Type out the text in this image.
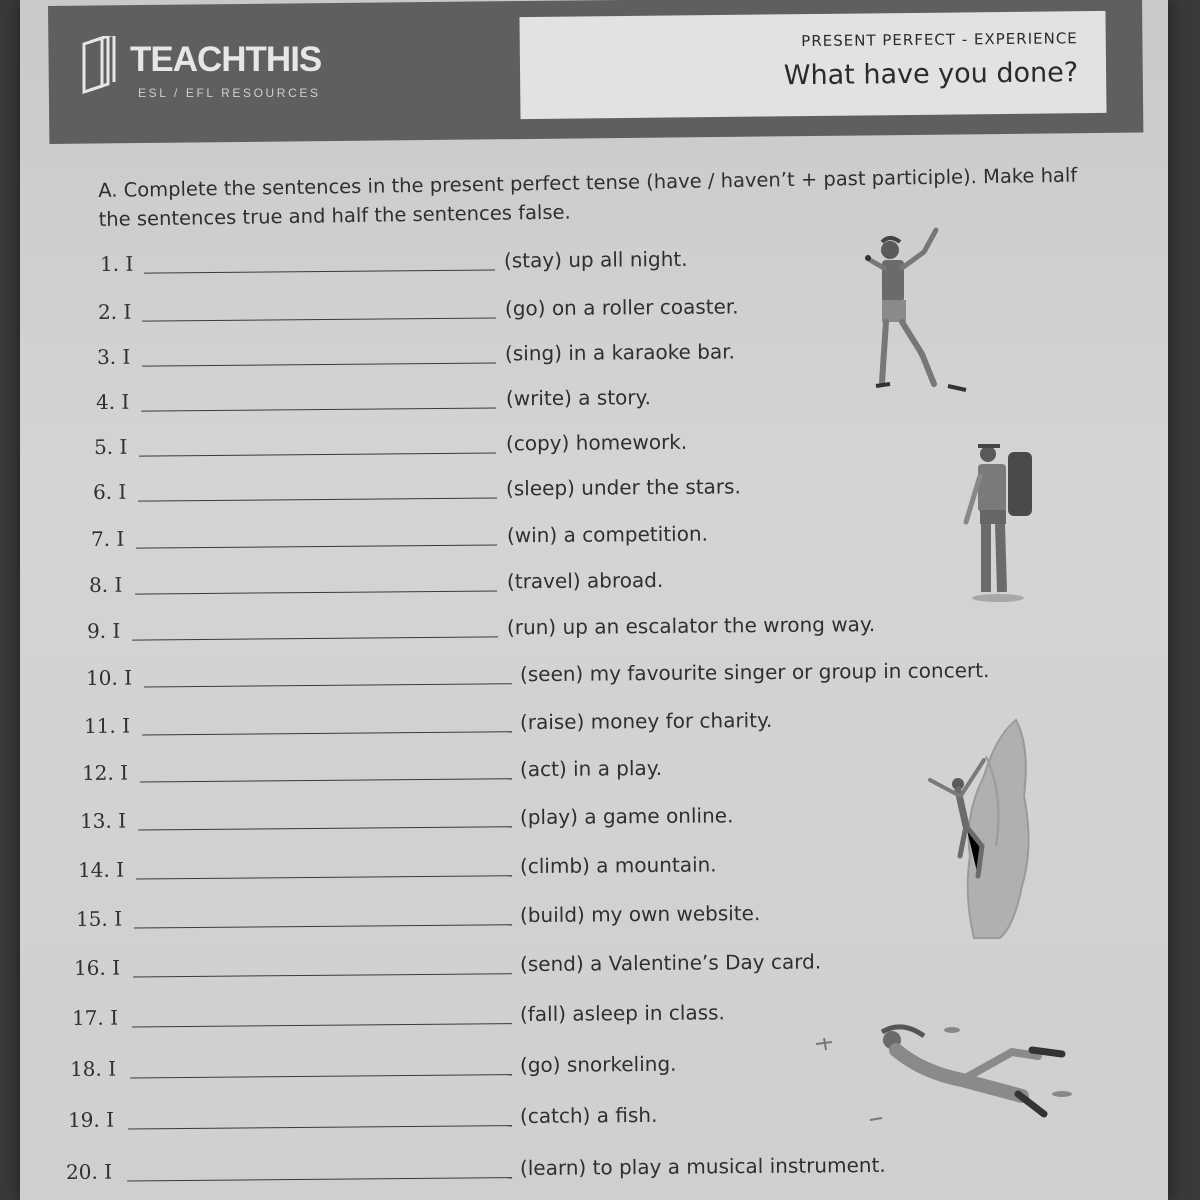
TEACHTHIS
ESL / EFL RESOURCES
PRESENT PERFECT - EXPERIENCE
What have you done?
A. Complete the sentences in the present perfect tense (have / haven’t + past participle). Make half the sentences true and half the sentences false.
1. I	(stay) up all night.
2. I	(go) on a roller coaster.
3. I	(sing) in a karaoke bar.
4. I	(write) a story.
5. I	(copy) homework.
6. I	(sleep) under the stars.
7. I	(win) a competition.
8. I	(travel) abroad.
9. I	(run) up an escalator the wrong way.
10. I	(seen) my favourite singer or group in concert.
11. I	(raise) money for charity.
12. I	(act) in a play.
13. I	(play) a game online.
14. I	(climb) a mountain.
15. I	(build) my own website.
16. I	(send) a Valentine’s Day card.
17. I	(fall) asleep in class.
18. I	(go) snorkeling.
19. I	(catch) a fish.
20. I	(learn) to play a musical instrument.
